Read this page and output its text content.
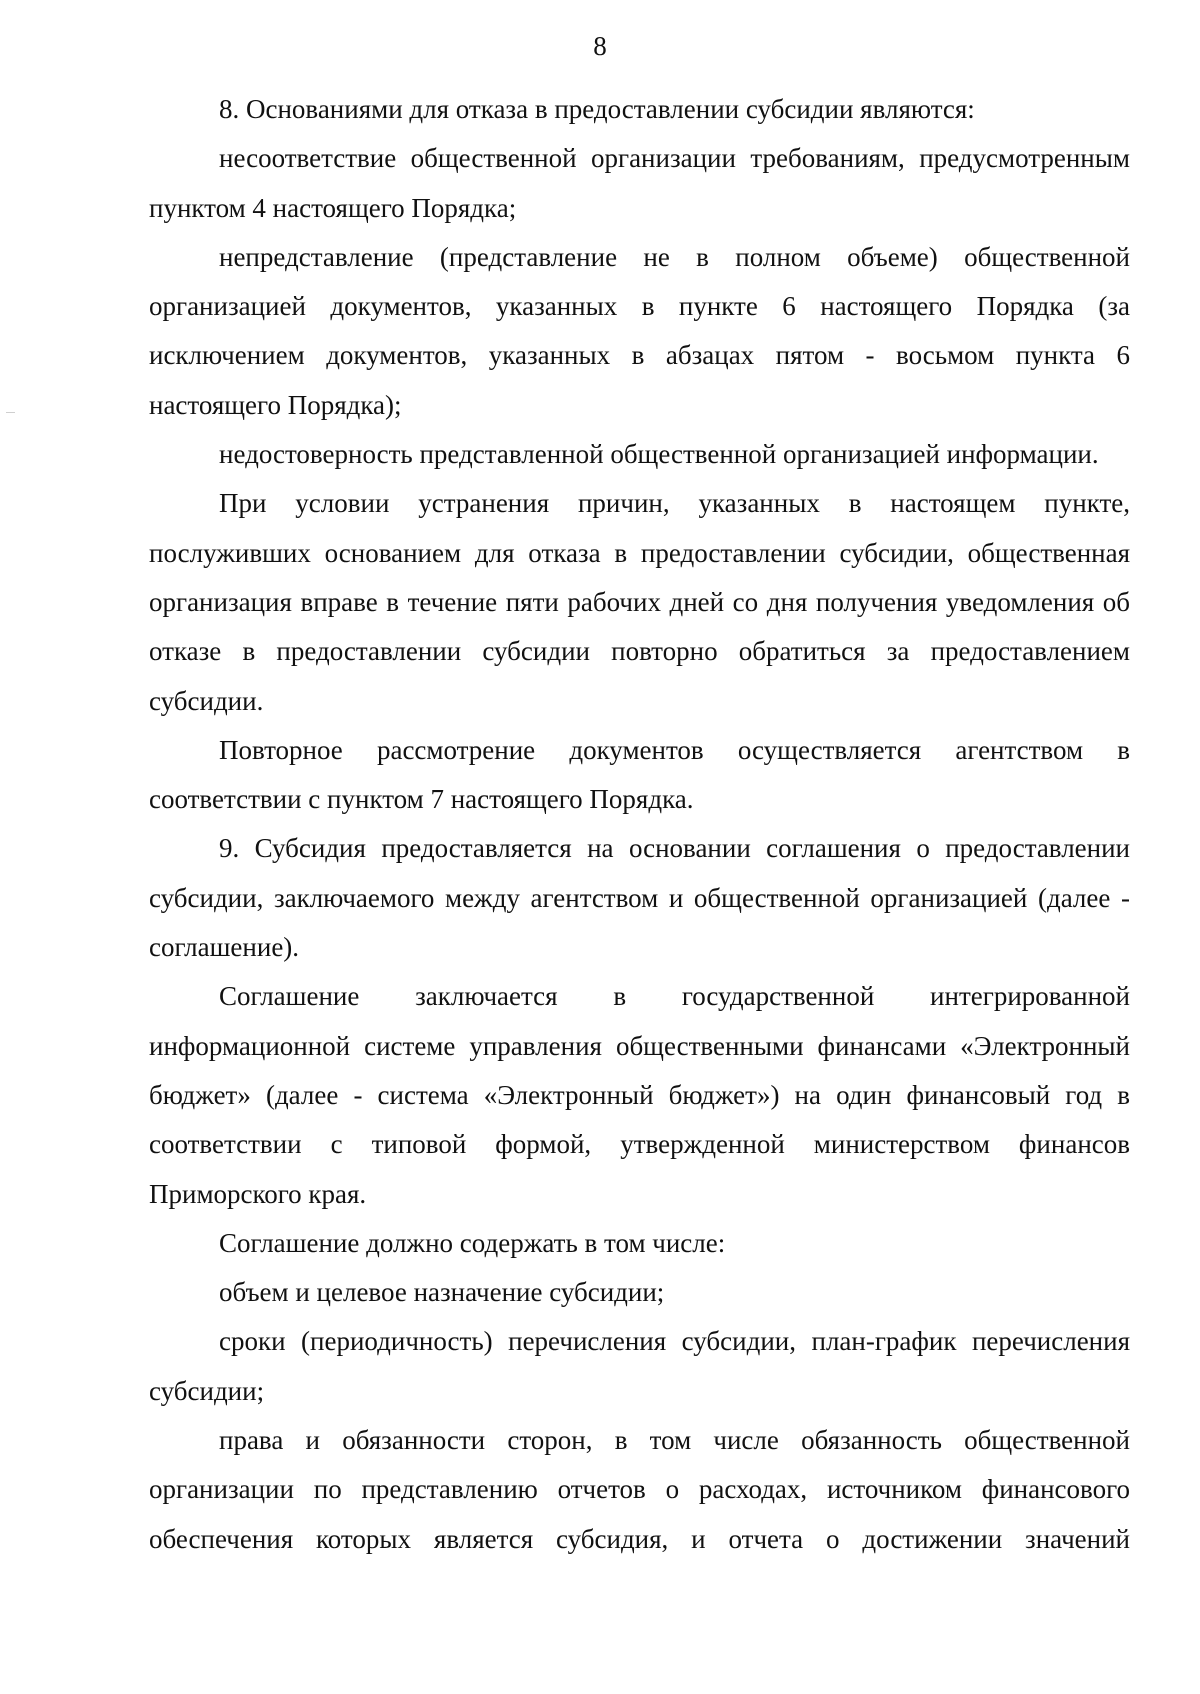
8

8. Основаниями для отказа в предоставлении субсидии являются:

несоответствие общественной организации требованиям, предусмотренным пунктом 4 настоящего Порядка;

непредставление (представление не в полном объеме) общественной организацией документов, указанных в пункте 6 настоящего Порядка (за исключением документов, указанных в абзацах пятом - восьмом пункта 6 настоящего Порядка);

недостоверность представленной общественной организацией информации.

При условии устранения причин, указанных в настоящем пункте, послуживших основанием для отказа в предоставлении субсидии, общественная организация вправе в течение пяти рабочих дней со дня получения уведомления об отказе в предоставлении субсидии повторно обратиться за предоставлением субсидии.

Повторное рассмотрение документов осуществляется агентством в соответствии с пунктом 7 настоящего Порядка.

9. Субсидия предоставляется на основании соглашения о предоставлении субсидии, заключаемого между агентством и общественной организацией (далее - соглашение).

Соглашение заключается в государственной интегрированной информационной системе управления общественными финансами «Электронный бюджет» (далее - система «Электронный бюджет») на один финансовый год в соответствии с типовой формой, утвержденной министерством финансов Приморского края.

Соглашение должно содержать в том числе:

объем и целевое назначение субсидии;

сроки (периодичность) перечисления субсидии, план-график перечисления субсидии;

права и обязанности сторон, в том числе обязанность общественной организации по представлению отчетов о расходах, источником финансового обеспечения которых является субсидия, и отчета о достижении значений
